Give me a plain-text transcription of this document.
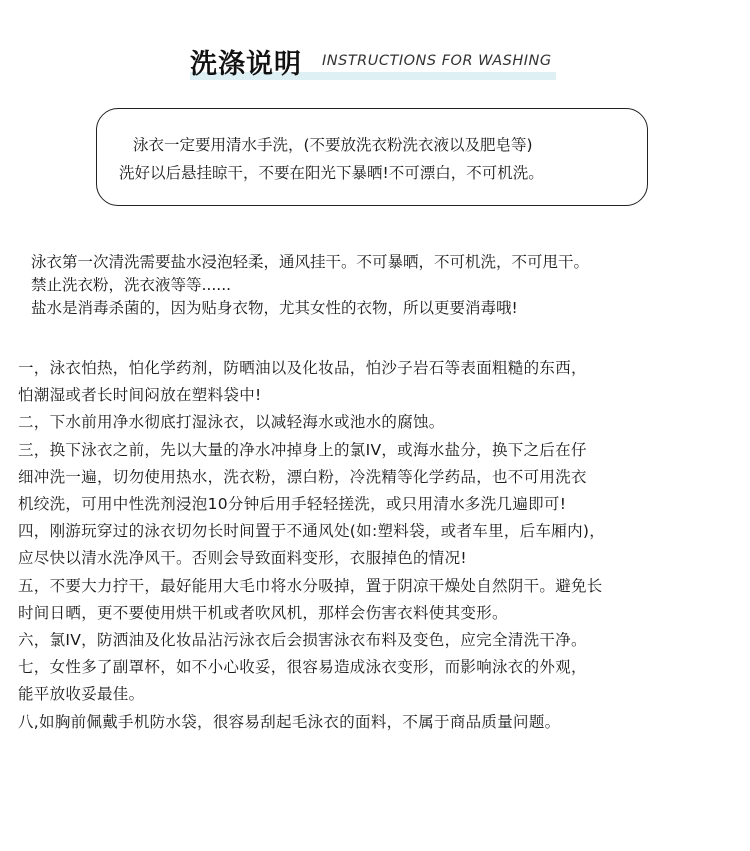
洗涤说明 INSTRUCTIONS FOR WASHING
泳衣一定要用清水手洗，(不要放洗衣粉洗衣液以及肥皂等)
洗好以后悬挂晾干，不要在阳光下暴晒!不可漂白，不可机洗。
泳衣第一次清洗需要盐水浸泡轻柔，通风挂干。不可暴晒，不可机洗，不可甩干。
禁止洗衣粉，洗衣液等等......
盐水是消毒杀菌的，因为贴身衣物，尤其女性的衣物，所以更要消毒哦!
一，泳衣怕热，怕化学药剂，防晒油以及化妆品，怕沙子岩石等表面粗糙的东西，
怕潮湿或者长时间闷放在塑料袋中!
二，下水前用净水彻底打湿泳衣，以减轻海水或池水的腐蚀。
三，换下泳衣之前，先以大量的净水冲掉身上的氯IV，或海水盐分，换下之后在仔
细冲洗一遍，切勿使用热水，洗衣粉，漂白粉，冷洗精等化学药品，也不可用洗衣
机绞洗，可用中性洗剂浸泡10分钟后用手轻轻搓洗，或只用清水多洗几遍即可!
四，刚游玩穿过的泳衣切勿长时间置于不通风处(如:塑料袋，或者车里，后车厢内)，
应尽快以清水洗净风干。否则会导致面料变形，衣服掉色的情况!
五，不要大力拧干，最好能用大毛巾将水分吸掉，置于阴凉干燥处自然阴干。避免长
时间日晒，更不要使用烘干机或者吹风机，那样会伤害衣料使其变形。
六，氯IV，防洒油及化妆品沾污泳衣后会损害泳衣布料及变色，应完全清洗干净。
七，女性多了副罩杯，如不小心收妥，很容易造成泳衣变形，而影响泳衣的外观，
能平放收妥最佳。
八,如胸前佩戴手机防水袋，很容易刮起毛泳衣的面料，不属于商品质量问题。
